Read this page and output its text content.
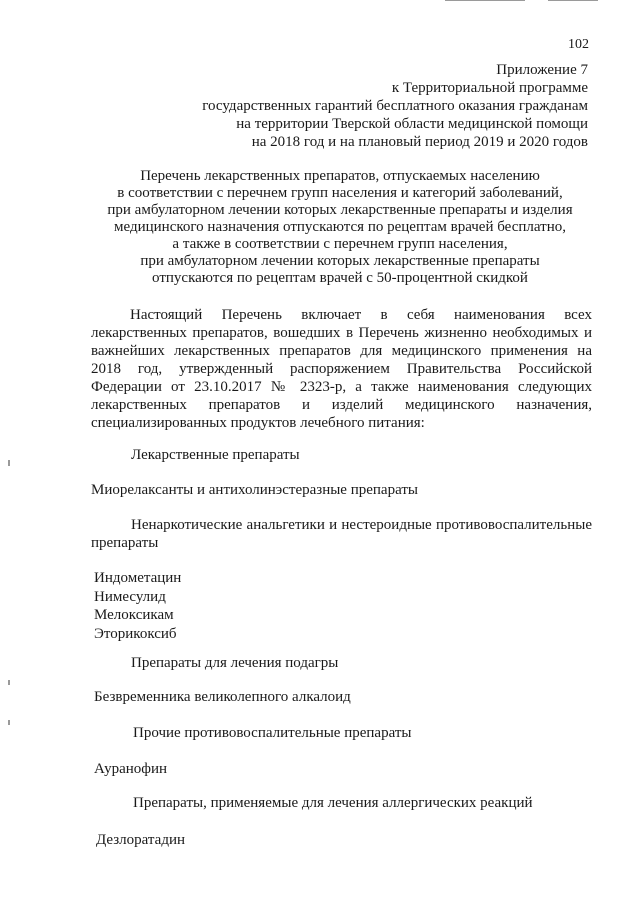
102
Приложение 7
к Территориальной программе
государственных гарантий бесплатного оказания гражданам
на территории Тверской области медицинской помощи
на 2018 год и на плановый период 2019 и 2020 годов
Перечень лекарственных препаратов, отпускаемых населению
в соответствии с перечнем групп населения и категорий заболеваний,
при амбулаторном лечении которых лекарственные препараты и изделия
медицинского назначения отпускаются по рецептам врачей бесплатно,
а также в соответствии с перечнем групп населения,
при амбулаторном лечении которых лекарственные препараты
отпускаются по рецептам врачей с 50-процентной скидкой

Настоящий Перечень включает в себя наименования всех лекарственных препаратов, вошедших в Перечень жизненно необходимых и важнейших лекарственных препаратов для медицинского применения на 2018 год, утвержденный распоряжением Правительства Российской Федерации от 23.10.2017 № 2323-р, а также наименования следующих лекарственных препаратов и изделий медицинского назначения, специализированных продуктов лечебного питания:

Лекарственные препараты

Миорелаксанты и антихолинэстеразные препараты

Ненаркотические анальгетики и нестероидные противовоспалительные препараты

Индометацин
Нимесулид
Мелоксикам
Эторикоксиб

Препараты для лечения подагры

Безвременника великолепного алкалоид

Прочие противовоспалительные препараты

Ауранофин

Препараты, применяемые для лечения аллергических реакций

Дезлоратадин
